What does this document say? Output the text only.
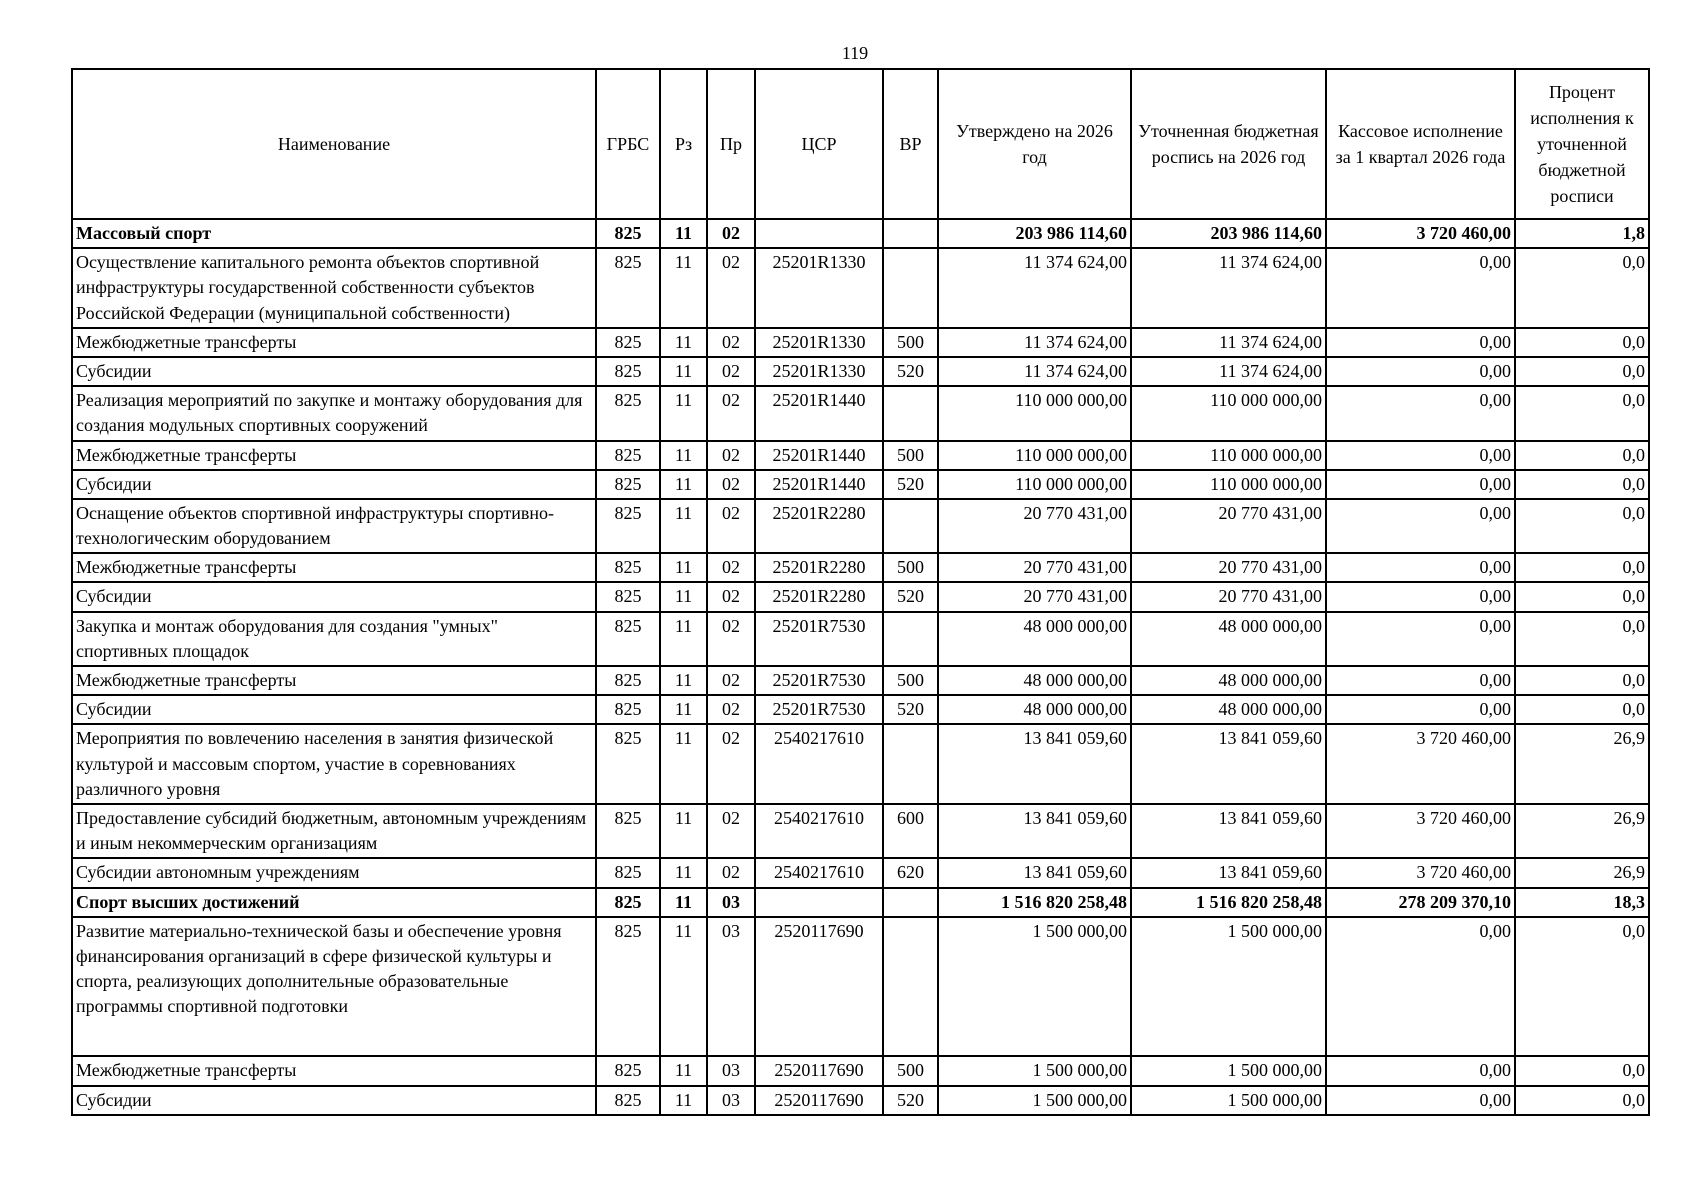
119
Наименование	ГРБС	Рз	Пр	ЦСР	ВР	Утверждено на 2026 год	Уточненная бюджетная роспись на 2026 год	Кассовое исполнение за 1 квартал 2026 года	Процент исполнения к уточненной бюджетной росписи
Массовый спорт	825	11	02			203 986 114,60	203 986 114,60	3 720 460,00	1,8
Осуществление капитального ремонта объектов спортивной инфраструктуры государственной собственности субъектов Российской Федерации (муниципальной собственности)	825	11	02	25201R1330		11 374 624,00	11 374 624,00	0,00	0,0
Межбюджетные трансферты	825	11	02	25201R1330	500	11 374 624,00	11 374 624,00	0,00	0,0
Субсидии	825	11	02	25201R1330	520	11 374 624,00	11 374 624,00	0,00	0,0
Реализация мероприятий по закупке и монтажу оборудования для создания модульных спортивных сооружений	825	11	02	25201R1440		110 000 000,00	110 000 000,00	0,00	0,0
Межбюджетные трансферты	825	11	02	25201R1440	500	110 000 000,00	110 000 000,00	0,00	0,0
Субсидии	825	11	02	25201R1440	520	110 000 000,00	110 000 000,00	0,00	0,0
Оснащение объектов спортивной инфраструктуры спортивно-технологическим оборудованием	825	11	02	25201R2280		20 770 431,00	20 770 431,00	0,00	0,0
Межбюджетные трансферты	825	11	02	25201R2280	500	20 770 431,00	20 770 431,00	0,00	0,0
Субсидии	825	11	02	25201R2280	520	20 770 431,00	20 770 431,00	0,00	0,0
Закупка и монтаж оборудования для создания "умных" спортивных площадок	825	11	02	25201R7530		48 000 000,00	48 000 000,00	0,00	0,0
Межбюджетные трансферты	825	11	02	25201R7530	500	48 000 000,00	48 000 000,00	0,00	0,0
Субсидии	825	11	02	25201R7530	520	48 000 000,00	48 000 000,00	0,00	0,0
Мероприятия по вовлечению населения в занятия физической культурой и массовым спортом, участие в соревнованиях различного уровня	825	11	02	2540217610		13 841 059,60	13 841 059,60	3 720 460,00	26,9
Предоставление субсидий бюджетным, автономным учреждениям и иным некоммерческим организациям	825	11	02	2540217610	600	13 841 059,60	13 841 059,60	3 720 460,00	26,9
Субсидии автономным учреждениям	825	11	02	2540217610	620	13 841 059,60	13 841 059,60	3 720 460,00	26,9
Спорт высших достижений	825	11	03			1 516 820 258,48	1 516 820 258,48	278 209 370,10	18,3
Развитие материально-технической базы и обеспечение уровня финансирования организаций в сфере физической культуры и спорта, реализующих дополнительные образовательные программы спортивной подготовки	825	11	03	2520117690		1 500 000,00	1 500 000,00	0,00	0,0
Межбюджетные трансферты	825	11	03	2520117690	500	1 500 000,00	1 500 000,00	0,00	0,0
Субсидии	825	11	03	2520117690	520	1 500 000,00	1 500 000,00	0,00	0,0
